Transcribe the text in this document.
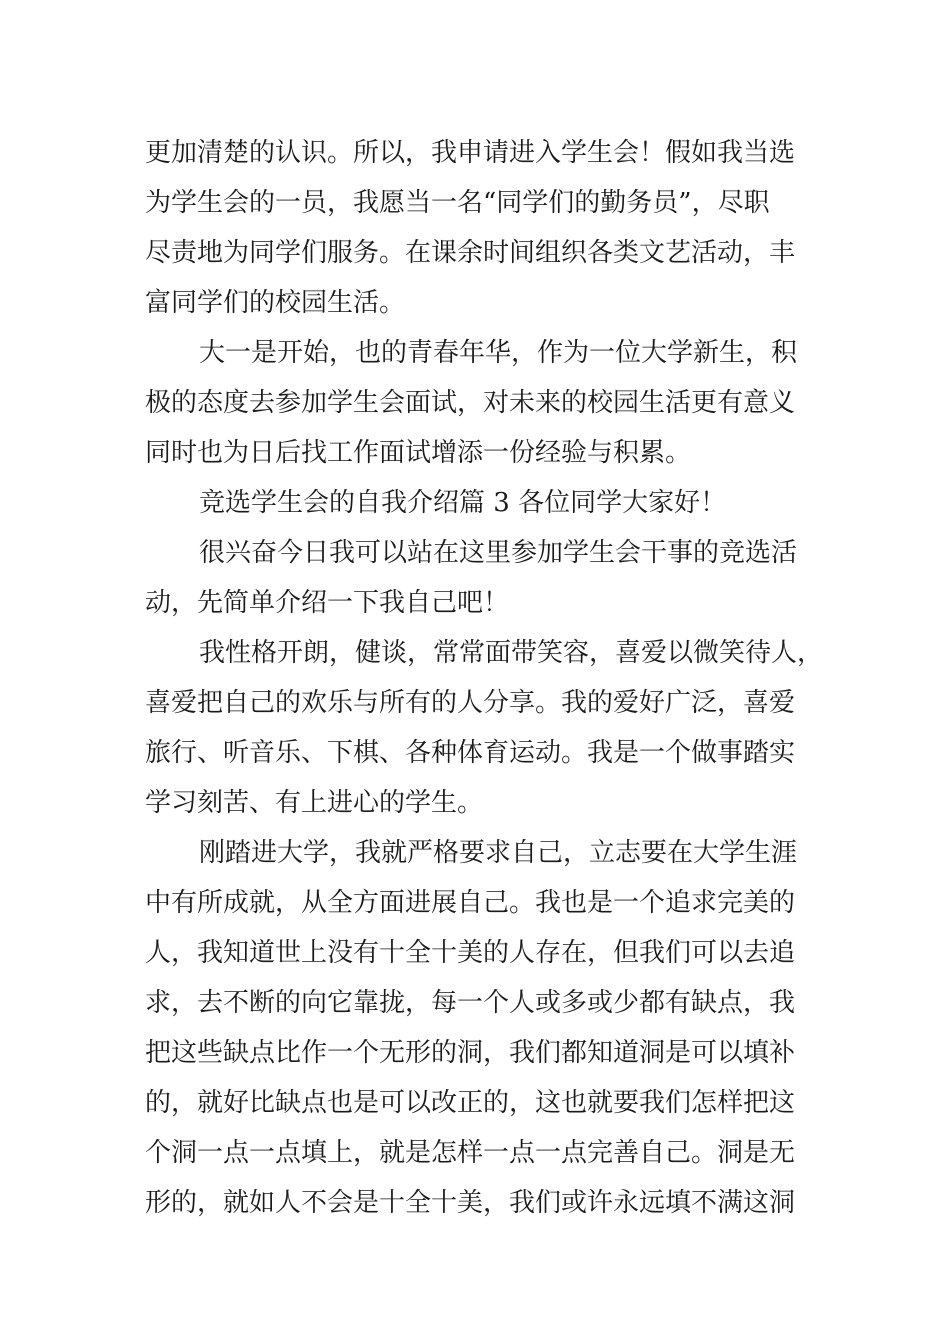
更加清楚的认识。所以，我申请进入学生会！假如我当选
为学生会的一员，我愿当一名“同学们的勤务员”，尽职
尽责地为同学们服务。在课余时间组织各类文艺活动，丰
富同学们的校园生活。
大一是开始，也的青春年华，作为一位大学新生，积
极的态度去参加学生会面试，对未来的校园生活更有意义
同时也为日后找工作面试增添一份经验与积累。
竞选学生会的自我介绍篇 3 各位同学大家好！
很兴奋今日我可以站在这里参加学生会干事的竞选活
动，先简单介绍一下我自己吧！
我性格开朗，健谈，常常面带笑容，喜爱以微笑待人，
喜爱把自己的欢乐与所有的人分享。我的爱好广泛，喜爱
旅行、听音乐、下棋、各种体育运动。我是一个做事踏实
学习刻苦、有上进心的学生。
刚踏进大学，我就严格要求自己，立志要在大学生涯
中有所成就，从全方面进展自己。我也是一个追求完美的
人，我知道世上没有十全十美的人存在，但我们可以去追
求，去不断的向它靠拢，每一个人或多或少都有缺点，我
把这些缺点比作一个无形的洞，我们都知道洞是可以填补
的，就好比缺点也是可以改正的，这也就要我们怎样把这
个洞一点一点填上，就是怎样一点一点完善自己。洞是无
形的，就如人不会是十全十美，我们或许永远填不满这洞
